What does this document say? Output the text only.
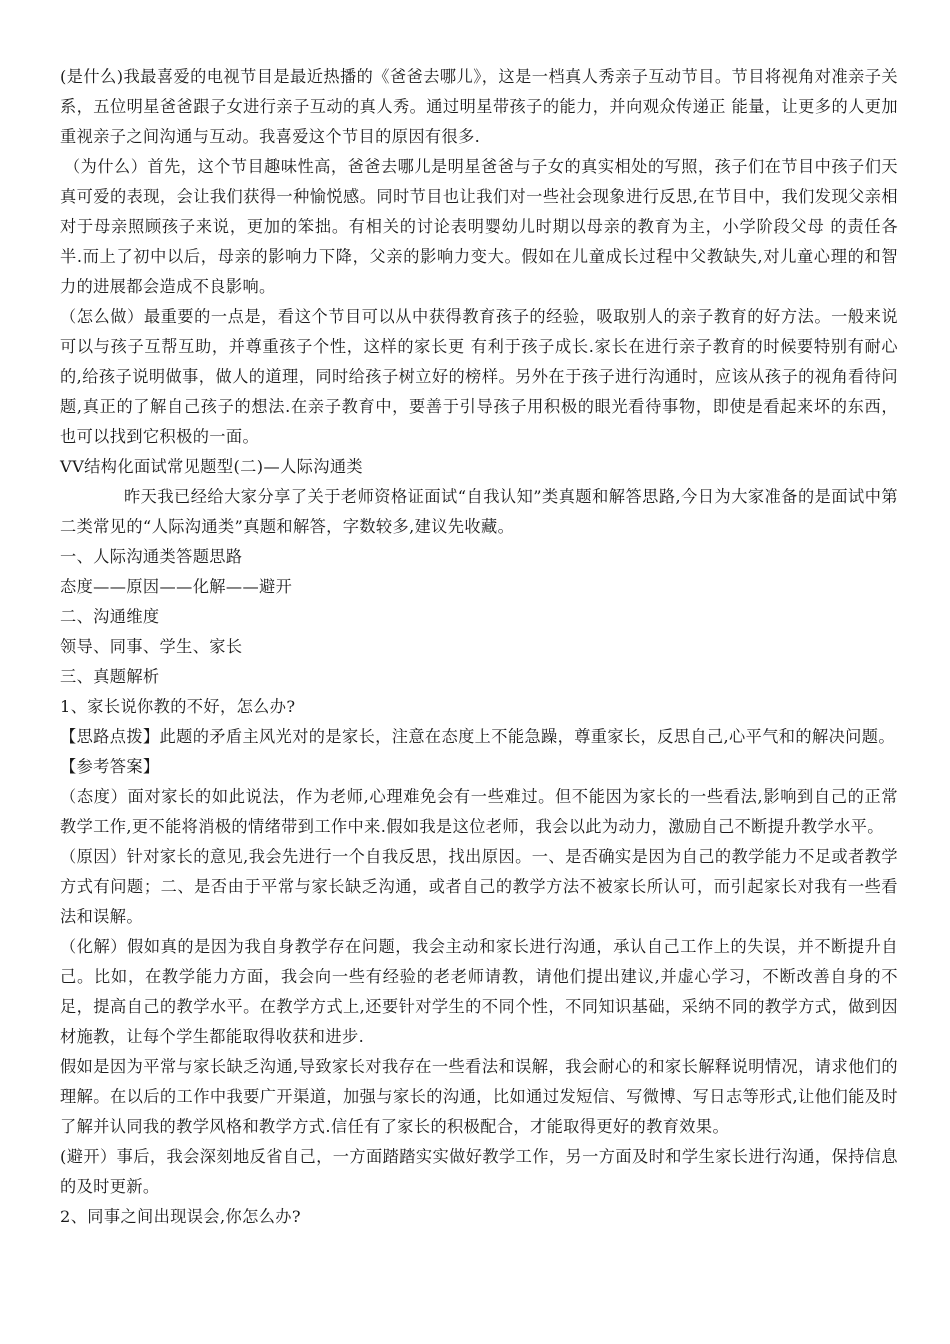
(是什么)我最喜爱的电视节目是最近热播的《爸爸去哪儿》，这是一档真人秀亲子互动节目。节目将视角对准亲子关系，五位明星爸爸跟子女进行亲子互动的真人秀。通过明星带孩子的能力，并向观众传递正 能量，让更多的人更加重视亲子之间沟通与互动。我喜爱这个节目的原因有很多.

（为什么）首先，这个节目趣味性高，爸爸去哪儿是明星爸爸与子女的真实相处的写照，孩子们在节目中孩子们天真可爱的表现，会让我们获得一种愉悦感。同时节目也让我们对一些社会现象进行反思,在节目中，我们发现父亲相对于母亲照顾孩子来说，更加的笨拙。有相关的讨论表明婴幼儿时期以母亲的教育为主，小学阶段父母 的责任各半.而上了初中以后，母亲的影响力下降，父亲的影响力变大。假如在儿童成长过程中父教缺失,对儿童心理的和智力的进展都会造成不良影响。

（怎么做）最重要的一点是，看这个节目可以从中获得教育孩子的经验，吸取别人的亲子教育的好方法。一般来说可以与孩子互帮互助，并尊重孩子个性，这样的家长更 有利于孩子成长.家长在进行亲子教育的时候要特别有耐心的,给孩子说明做事，做人的道理，同时给孩子树立好的榜样。另外在于孩子进行沟通时，应该从孩子的视角看待问题,真正的了解自己孩子的想法.在亲子教育中，要善于引导孩子用积极的眼光看待事物，即使是看起来坏的东西，也可以找到它积极的一面。

VV结构化面试常见题型(二)—人际沟通类

昨天我已经给大家分享了关于老师资格证面试“自我认知”类真题和解答思路,今日为大家准备的是面试中第二类常见的“人际沟通类”真题和解答，字数较多,建议先收藏。

一、人际沟通类答题思路

态度——原因——化解——避开

二、沟通维度

领导、同事、学生、家长

三、真题解析

1、家长说你教的不好，怎么办?

【思路点拨】此题的矛盾主风光对的是家长，注意在态度上不能急躁，尊重家长，反思自己,心平气和的解决问题。

【参考答案】

（态度）面对家长的如此说法，作为老师,心理难免会有一些难过。但不能因为家长的一些看法,影响到自己的正常教学工作,更不能将消极的情绪带到工作中来.假如我是这位老师，我会以此为动力，激励自己不断提升教学水平。

（原因）针对家长的意见,我会先进行一个自我反思，找出原因。一、是否确实是因为自己的教学能力不足或者教学方式有问题；二、是否由于平常与家长缺乏沟通，或者自己的教学方法不被家长所认可，而引起家长对我有一些看法和误解。

（化解）假如真的是因为我自身教学存在问题，我会主动和家长进行沟通，承认自己工作上的失误，并不断提升自己。比如，在教学能力方面，我会向一些有经验的老老师请教，请他们提出建议,并虚心学习，不断改善自身的不足，提高自己的教学水平。在教学方式上,还要针对学生的不同个性，不同知识基础，采纳不同的教学方式，做到因材施教，让每个学生都能取得收获和进步.

假如是因为平常与家长缺乏沟通,导致家长对我存在一些看法和误解，我会耐心的和家长解释说明情况，请求他们的理解。在以后的工作中我要广开渠道，加强与家长的沟通，比如通过发短信、写微博、写日志等形式,让他们能及时了解并认同我的教学风格和教学方式.信任有了家长的积极配合，才能取得更好的教育效果。

(避开）事后，我会深刻地反省自己，一方面踏踏实实做好教学工作，另一方面及时和学生家长进行沟通，保持信息的及时更新。

2、同事之间出现误会,你怎么办?
